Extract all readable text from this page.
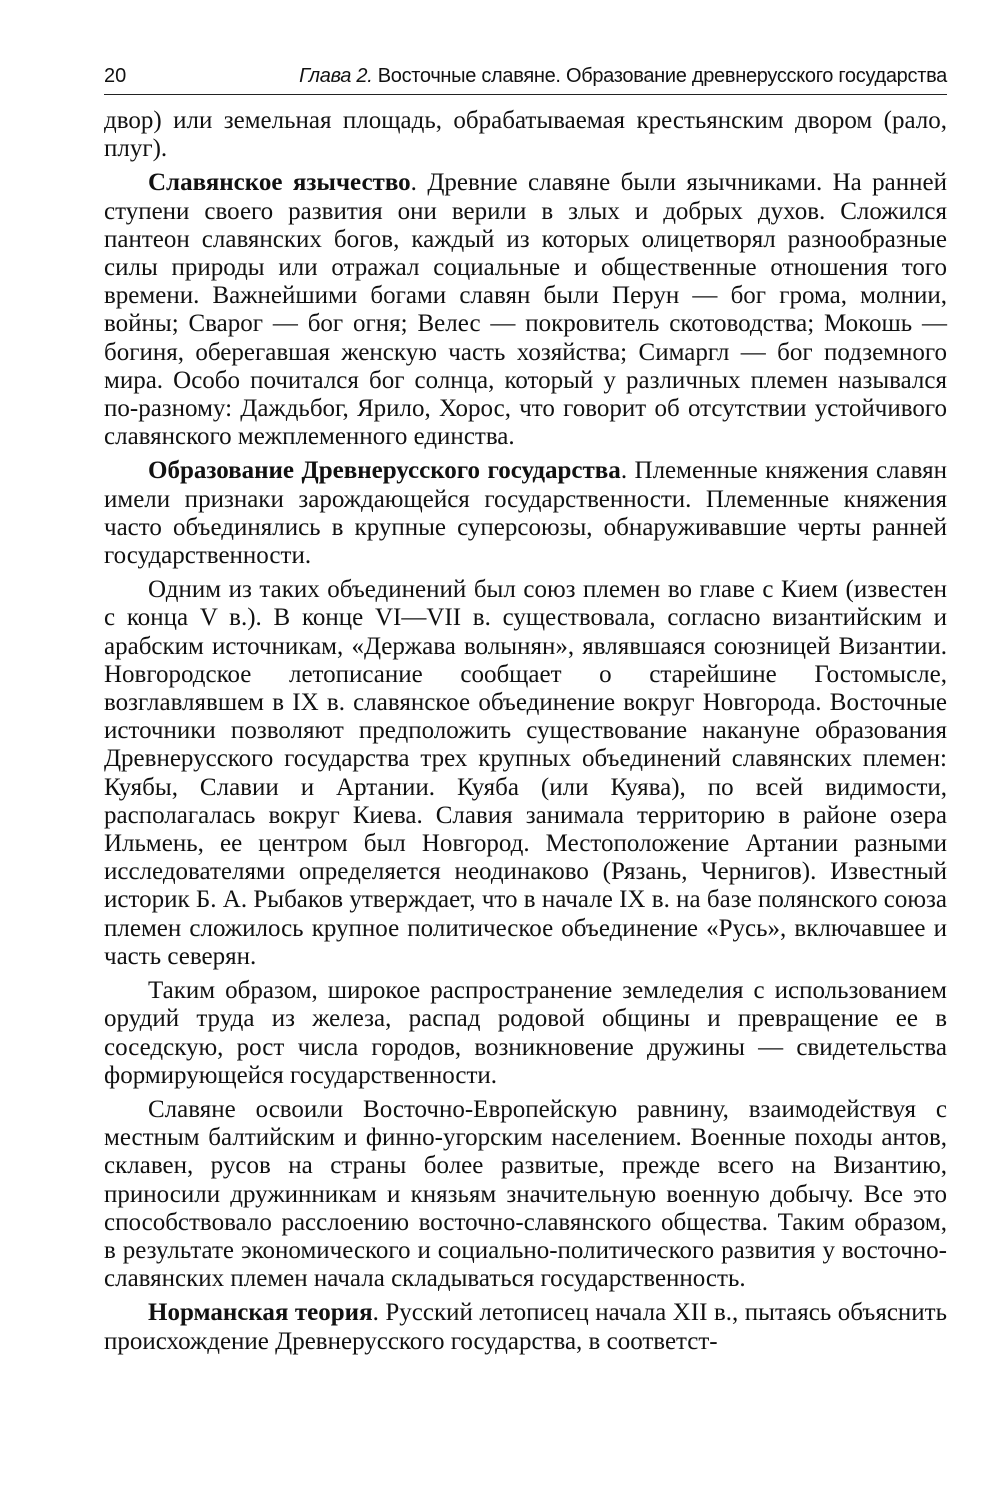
20	Глава 2. Восточные славяне. Образование древнерусского государства

двор) или земельная площадь, обрабатываемая крестьянским двором (рало, плуг).

Славянское язычество. Древние славяне были язычниками. На ранней ступени своего развития они верили в злых и добрых духов. Сложился пантеон славянских богов, каждый из которых олицетворял разнообразные силы природы или отражал социальные и общественные отношения того времени. Важнейшими богами славян были Перун — бог грома, молнии, войны; Сварог — бог огня; Велес — покровитель скотоводства; Мокошь — богиня, оберегавшая женскую часть хозяйства; Симаргл — бог подземного мира. Особо почитался бог солнца, который у различных племен назывался по-разному: Даждьбог, Ярило, Хорос, что говорит об отсутствии устойчивого славянского межплеменного единства.

Образование Древнерусского государства. Племенные княжения славян имели признаки зарождающейся государственности. Племенные княжения часто объединялись в крупные суперсоюзы, обнаруживавшие черты ранней государственности.

Одним из таких объединений был союз племен во главе с Кием (известен с конца V в.). В конце VI—VII в. существовала, согласно византийским и арабским источникам, «Держава волынян», являвшаяся союзницей Византии. Новгородское летописание сообщает о старейшине Гостомысле, возглавлявшем в IX в. славянское объединение вокруг Новгорода. Восточные источники позволяют предположить существование накануне образования Древнерусского государства трех крупных объединений славянских племен: Куябы, Славии и Артании. Куяба (или Куява), по всей видимости, располагалась вокруг Киева. Славия занимала территорию в районе озера Ильмень, ее центром был Новгород. Местоположение Артании разными исследователями определяется неодинаково (Рязань, Чернигов). Известный историк Б. А. Рыбаков утверждает, что в начале IX в. на базе полянского союза племен сложилось крупное политическое объединение «Русь», включавшее и часть северян.

Таким образом, широкое распространение земледелия с использованием орудий труда из железа, распад родовой общины и превращение ее в соседскую, рост числа городов, возникновение дружины — свидетельства формирующейся государственности.

Славяне освоили Восточно-Европейскую равнину, взаимодействуя с местным балтийским и финно-угорским населением. Военные походы антов, склавен, русов на страны более развитые, прежде всего на Византию, приносили дружинникам и князьям значительную военную добычу. Все это способствовало расслоению восточно-славянского общества. Таким образом, в результате экономического и социально-политического развития у восточно-славянских племен начала складываться государственность.

Норманская теория. Русский летописец начала XII в., пытаясь объяснить происхождение Древнерусского государства, в соответст-
